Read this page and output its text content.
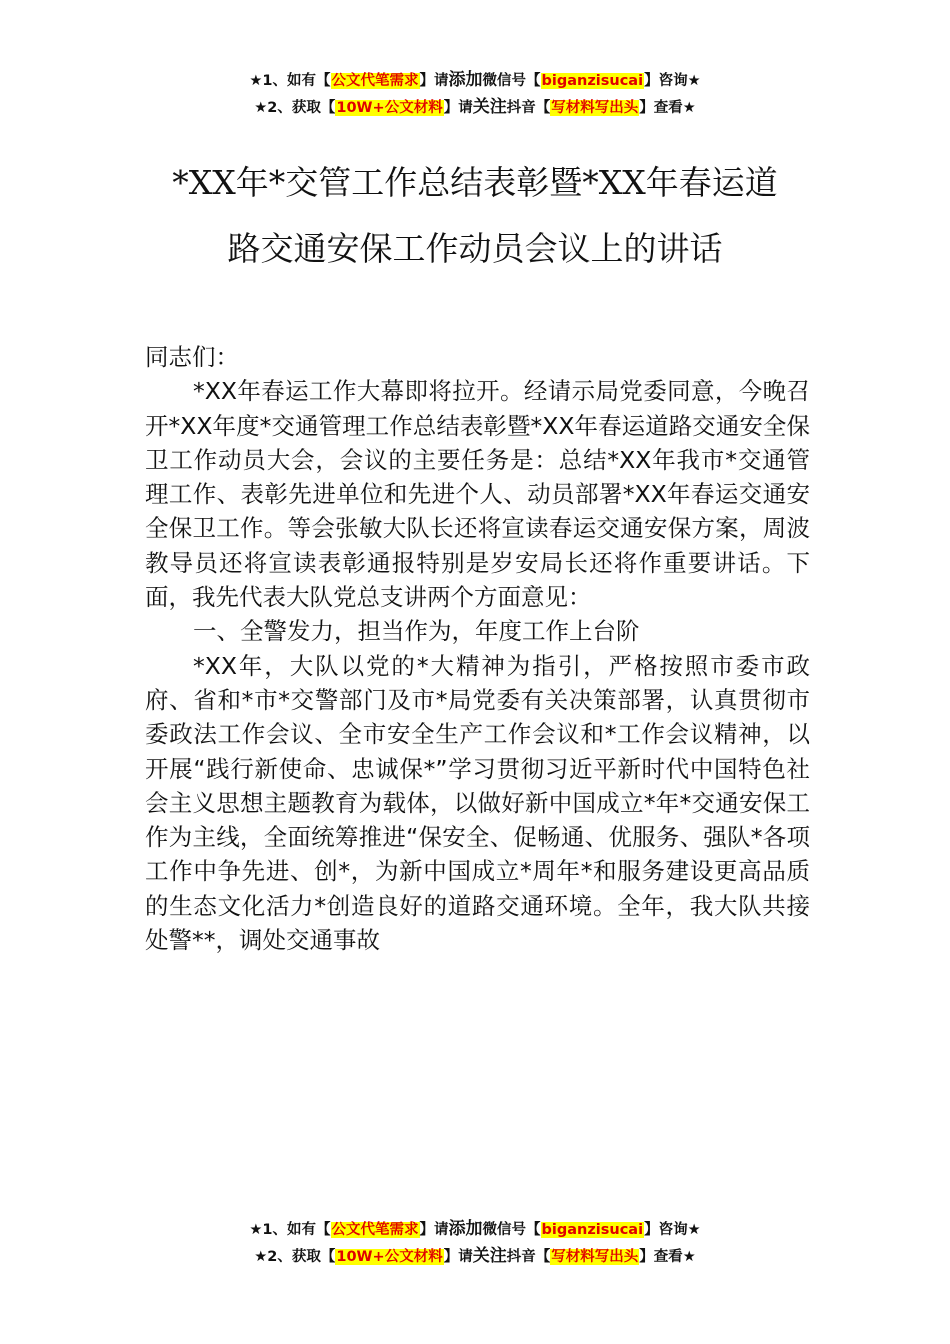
★1、如有【公文代笔需求】请添加微信号【biganzisucai】咨询★
★2、获取【10W+公文材料】请关注抖音【写材料写出头】查看★
*XX年*交管工作总结表彰暨*XX年春运道
路交通安保工作动员会议上的讲话

同志们：

*XX年春运工作大幕即将拉开。经请示局党委同意，今晚召开*XX年度*交通管理工作总结表彰暨*XX年春运道路交通安全保卫工作动员大会，会议的主要任务是：总结*XX年我市*交通管理工作、表彰先进单位和先进个人、动员部署*XX年春运交通安全保卫工作。等会张敏大队长还将宣读春运交通安保方案，周波教导员还将宣读表彰通报特别是岁安局长还将作重要讲话。下面，我先代表大队党总支讲两个方面意见：

一、全警发力，担当作为，年度工作上台阶

*XX年，大队以党的*大精神为指引，严格按照市委市政府、省和*市*交警部门及市*局党委有关决策部署，认真贯彻市委政法工作会议、全市安全生产工作会议和*工作会议精神，以开展“践行新使命、忠诚保*”学习贯彻习近平新时代中国特色社会主义思想主题教育为载体，以做好新中国成立*年*交通安保工作为主线，全面统筹推进“保安全、促畅通、优服务、强队*各项工作中争先进、创*，为新中国成立*周年*和服务建设更高品质的生态文化活力*创造良好的道路交通环境。全年，我大队共接处警**，调处交通事故

★1、如有【公文代笔需求】请添加微信号【biganzisucai】咨询★
★2、获取【10W+公文材料】请关注抖音【写材料写出头】查看★
